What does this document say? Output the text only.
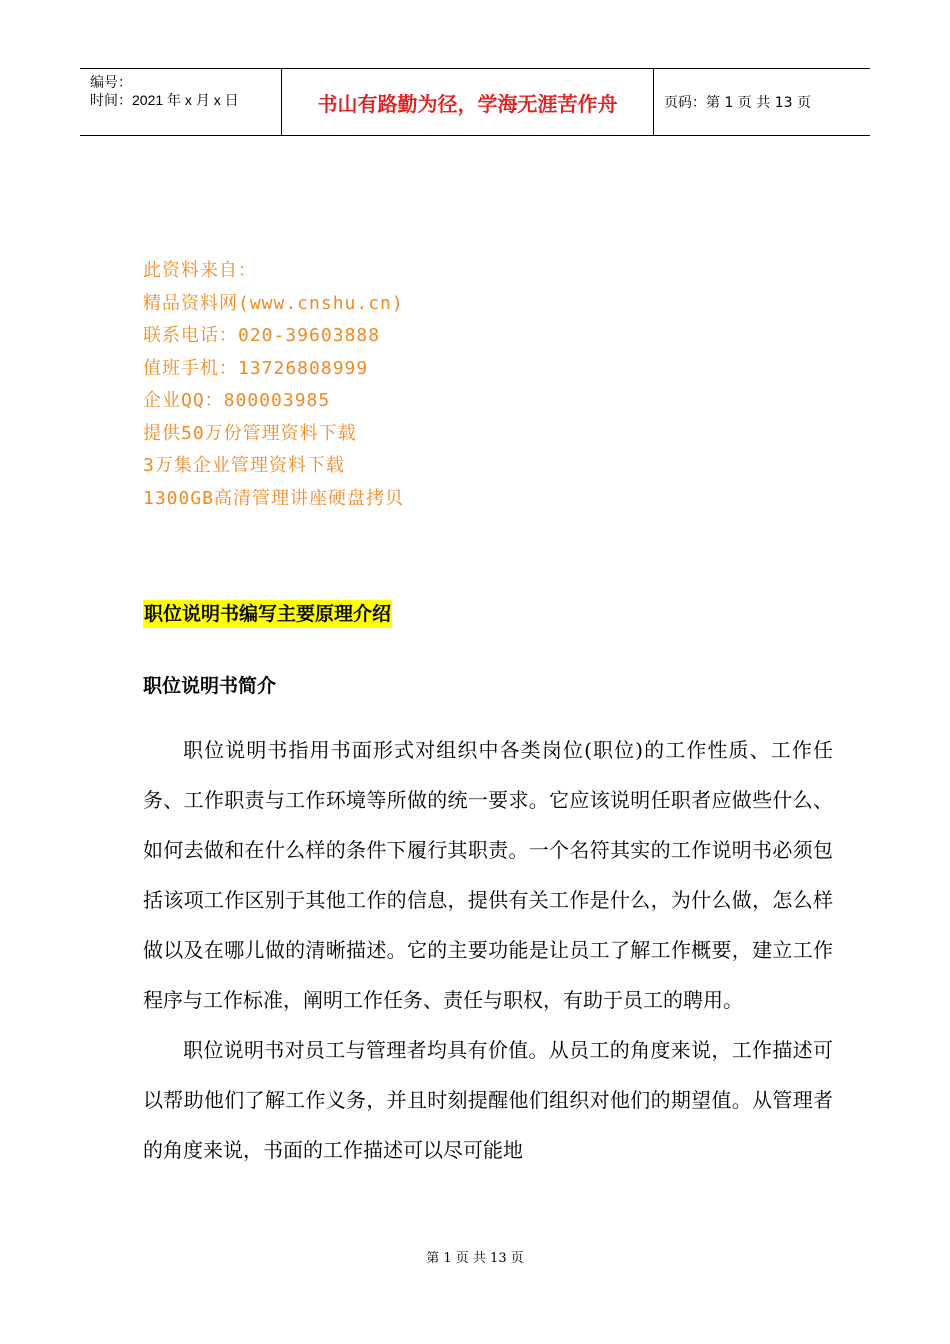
编号：
时间：2021 年 x 月 x 日	书山有路勤为径，学海无涯苦作舟	页码：第 1 页 共 13 页
此资料来自：
精品资料网(www.cnshu.cn)
联系电话：020-39603888
值班手机：13726808999
企业QQ：800003985
提供50万份管理资料下载
3万集企业管理资料下载
1300GB高清管理讲座硬盘拷贝
职位说明书编写主要原理介绍
职位说明书简介

职位说明书指用书面形式对组织中各类岗位(职位)的工作性质、工作任务、工作职责与工作环境等所做的统一要求。它应该说明任职者应做些什么、如何去做和在什么样的条件下履行其职责。一个名符其实的工作说明书必须包括该项工作区别于其他工作的信息，提供有关工作是什么，为什么做，怎么样做以及在哪儿做的清晰描述。它的主要功能是让员工了解工作概要，建立工作程序与工作标准，阐明工作任务、责任与职权，有助于员工的聘用。

职位说明书对员工与管理者均具有价值。从员工的角度来说，工作描述可以帮助他们了解工作义务，并且时刻提醒他们组织对他们的期望值。从管理者的角度来说，书面的工作描述可以尽可能地

第 1 页 共 13 页
